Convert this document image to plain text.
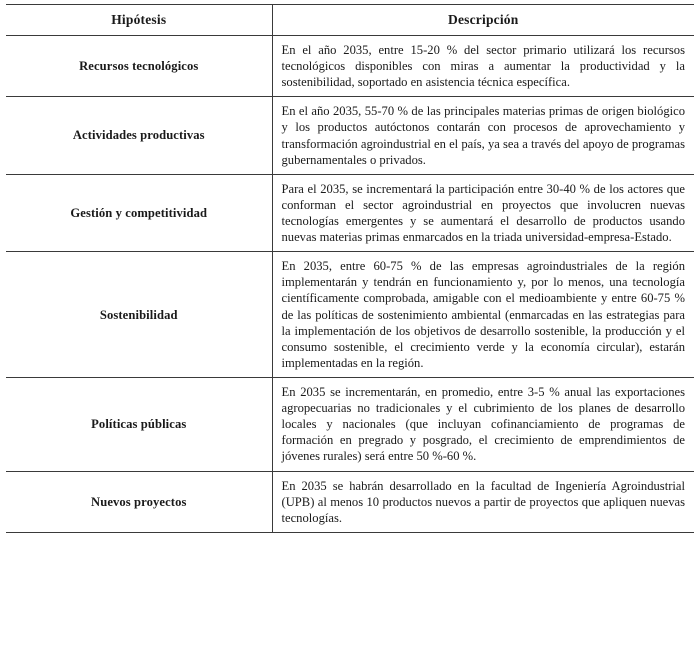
Hipótesis	Descripción
Recursos tecnológicos	En el año 2035, entre 15-20 % del sector primario utilizará los recursos tecnológicos disponibles con miras a aumentar la productividad y la sostenibilidad, soportado en asistencia técnica específica.

Actividades productivas	En el año 2035, 55-70 % de las principales materias primas de origen biológico y los productos autóctonos contarán con procesos de aprovechamiento y transformación agroindustrial en el país, ya sea a través del apoyo de programas gubernamentales o privados.

Gestión y competitividad	Para el 2035, se incrementará la participación entre 30-40 % de los actores que conforman el sector agroindustrial en proyectos que involucren nuevas tecnologías emergentes y se aumentará el desarrollo de productos usando nuevas materias primas enmarcados en la triada universidad-empresa-Estado.

Sostenibilidad	En 2035, entre 60-75 % de las empresas agroindustriales de la región implementarán y tendrán en funcionamiento y, por lo menos, una tecnología científicamente comprobada, amigable con el medioambiente y entre 60-75 % de las políticas de sostenimiento ambiental (enmarcadas en las estrategias para la implementación de los objetivos de desarrollo sostenible, la producción y el consumo sostenible, el crecimiento verde y la economía circular), estarán implementadas en la región.

Políticas públicas	En 2035 se incrementarán, en promedio, entre 3-5 % anual las exportaciones agropecuarias no tradicionales y el cubrimiento de los planes de desarrollo locales y nacionales (que incluyan cofinanciamiento de programas de formación en pregrado y posgrado, el crecimiento de emprendimientos de jóvenes rurales) será entre 50 %-60 %.

Nuevos proyectos	En 2035 se habrán desarrollado en la facultad de Ingeniería Agroindustrial (UPB) al menos 10 productos nuevos a partir de proyectos que apliquen nuevas tecnologías.
